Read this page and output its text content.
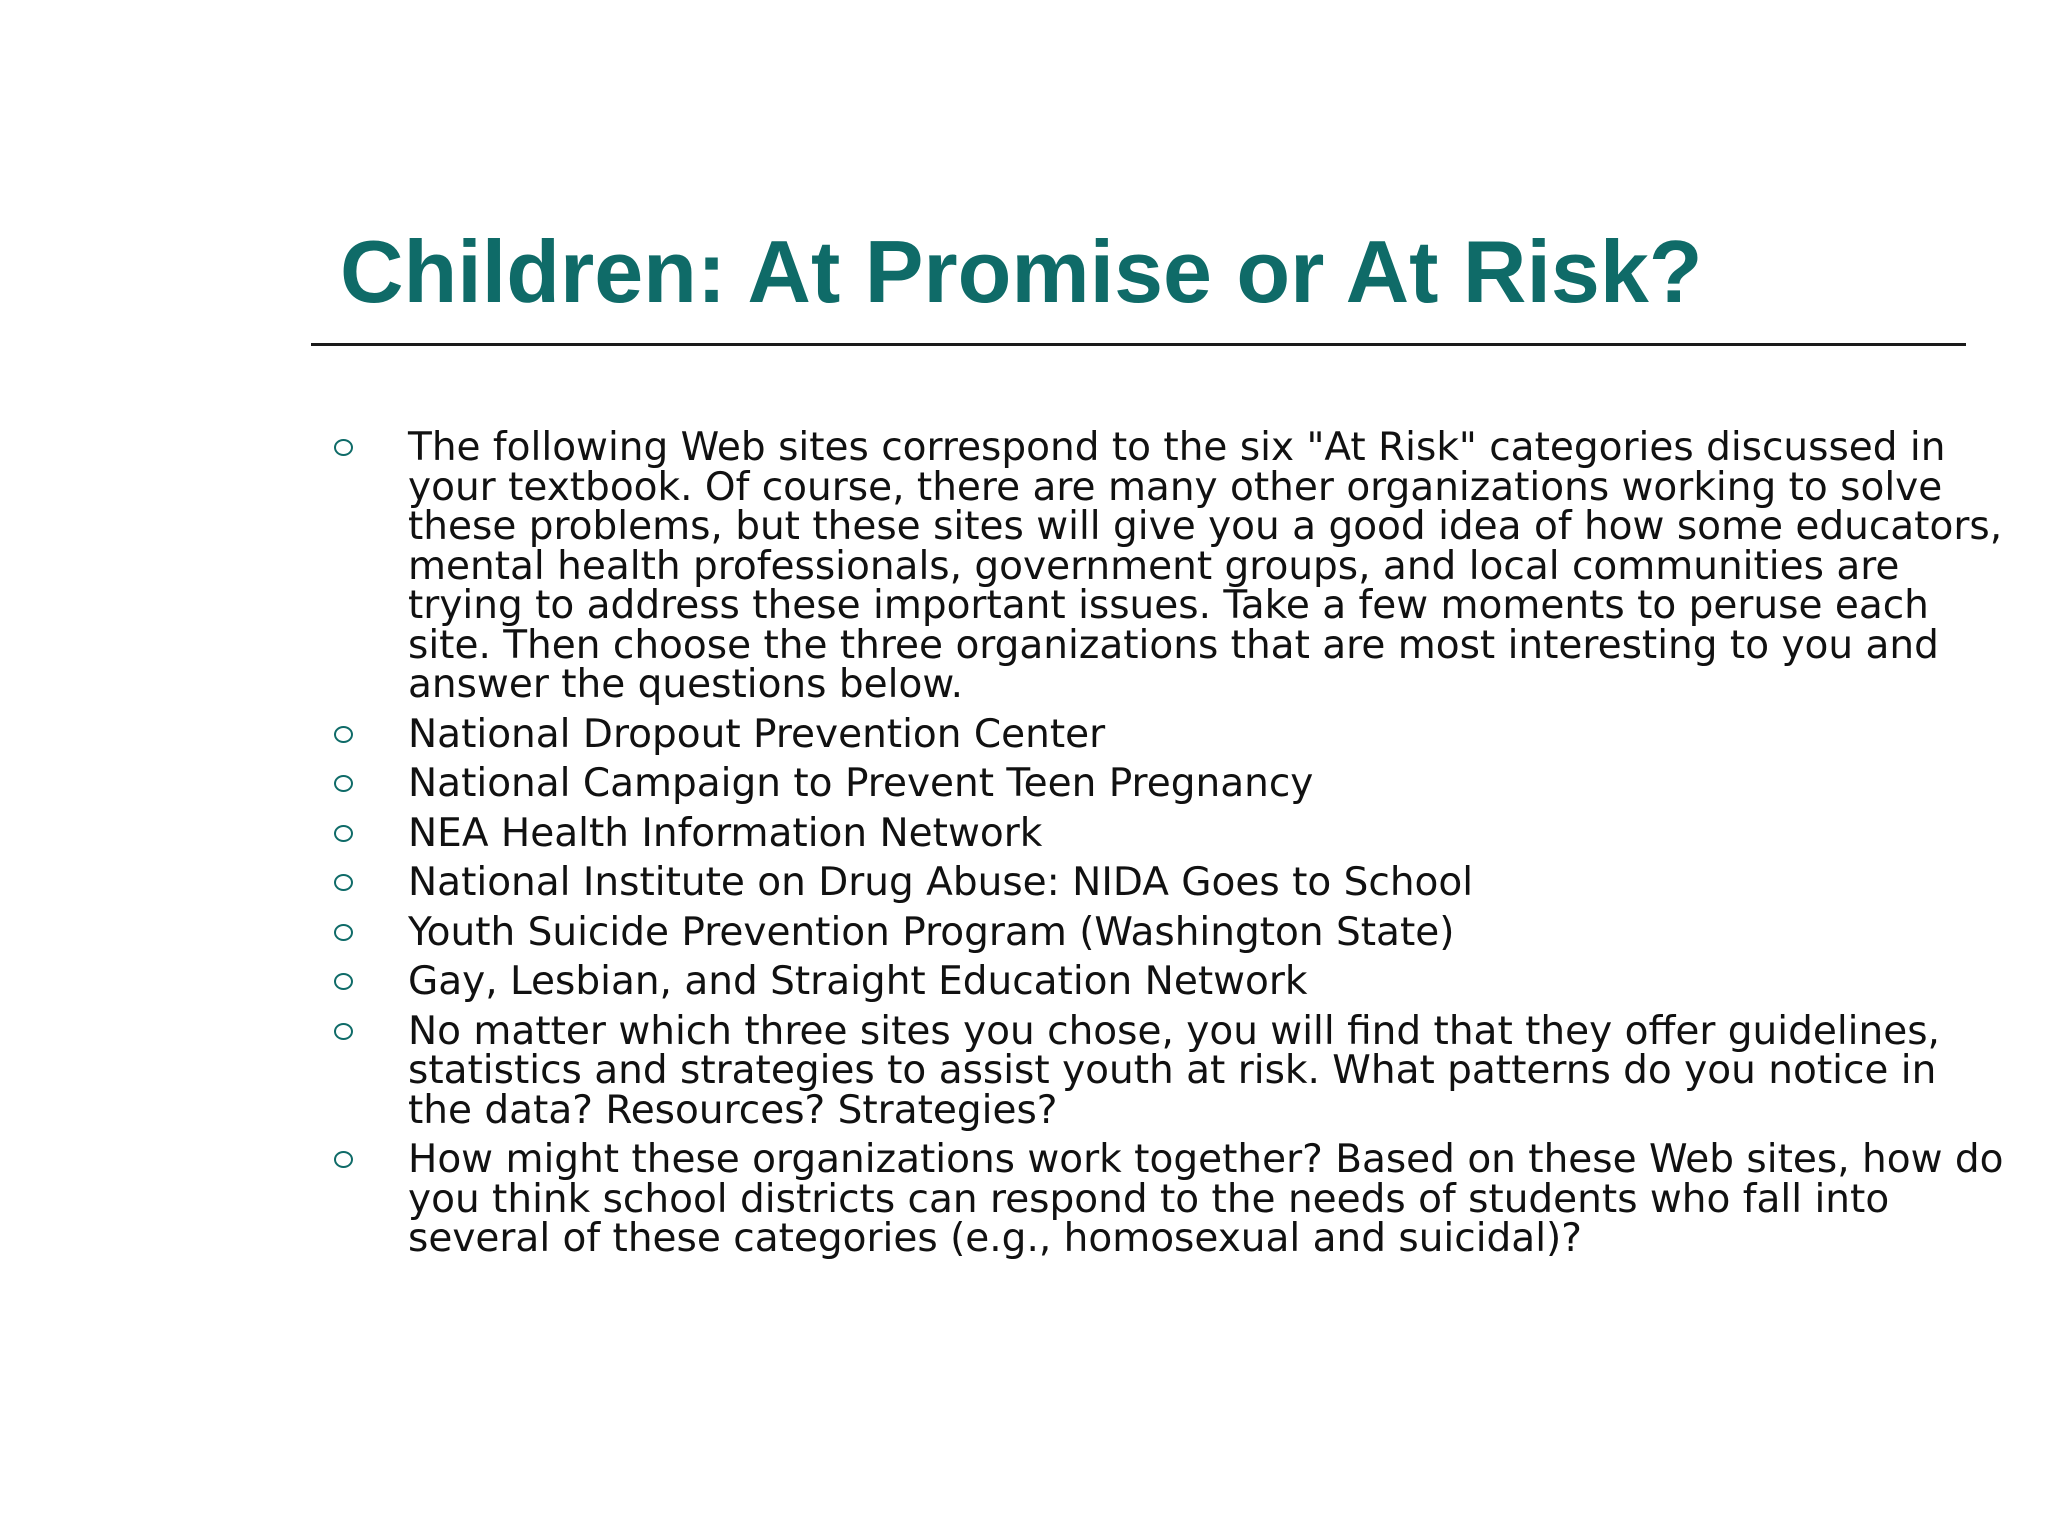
Children: At Promise or At Risk?
The following Web sites correspond to the six "At Risk" categories discussed in your textbook. Of course, there are many other organizations working to solve these problems, but these sites will give you a good idea of how some educators, mental health professionals, government groups, and local communities are trying to address these important issues. Take a few moments to peruse each site. Then choose the three organizations that are most interesting to you and answer the questions below.
National Dropout Prevention Center
National Campaign to Prevent Teen Pregnancy
NEA Health Information Network
National Institute on Drug Abuse: NIDA Goes to School
Youth Suicide Prevention Program (Washington State)
Gay, Lesbian, and Straight Education Network
No matter which three sites you chose, you will find that they offer guidelines, statistics and strategies to assist youth at risk. What patterns do you notice in the data? Resources? Strategies?
How might these organizations work together? Based on these Web sites, how do you think school districts can respond to the needs of students who fall into several of these categories (e.g., homosexual and suicidal)?
